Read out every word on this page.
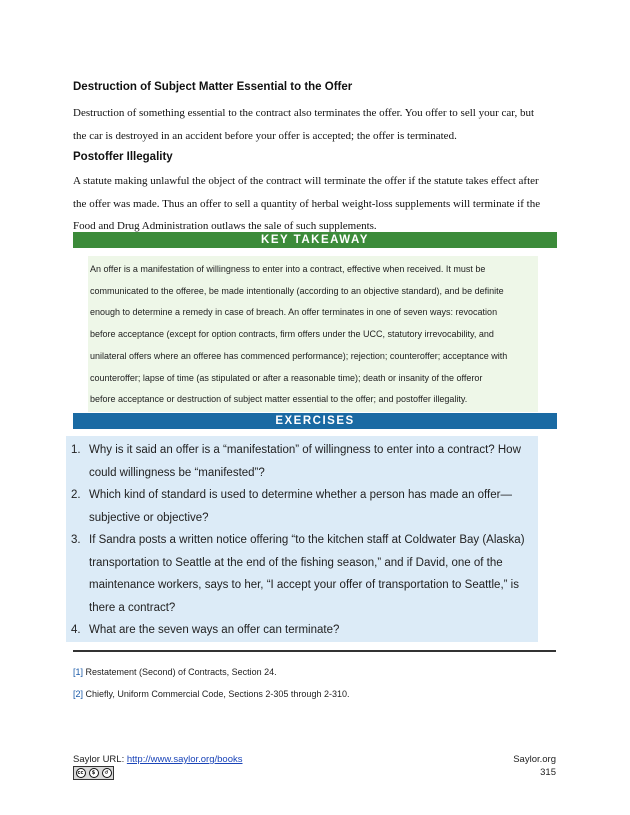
Destruction of Subject Matter Essential to the Offer
Destruction of something essential to the contract also terminates the offer. You offer to sell your car, but
the car is destroyed in an accident before your offer is accepted; the offer is terminated.
Postoffer Illegality
A statute making unlawful the object of the contract will terminate the offer if the statute takes effect after
the offer was made. Thus an offer to sell a quantity of herbal weight-loss supplements will terminate if the
Food and Drug Administration outlaws the sale of such supplements.
KEY TAKEAWAY
An offer is a manifestation of willingness to enter into a contract, effective when received. It must be
communicated to the offeree, be made intentionally (according to an objective standard), and be definite
enough to determine a remedy in case of breach. An offer terminates in one of seven ways: revocation
before acceptance (except for option contracts, firm offers under the UCC, statutory irrevocability, and
unilateral offers where an offeree has commenced performance); rejection; counteroffer; acceptance with
counteroffer; lapse of time (as stipulated or after a reasonable time); death or insanity of the offeror
before acceptance or destruction of subject matter essential to the offer; and postoffer illegality.
EXERCISES
1. Why is it said an offer is a “manifestation” of willingness to enter into a contract? How
could willingness be “manifested”?
2. Which kind of standard is used to determine whether a person has made an offer—
subjective or objective?
3. If Sandra posts a written notice offering “to the kitchen staff at Coldwater Bay (Alaska)
transportation to Seattle at the end of the fishing season,” and if David, one of the
maintenance workers, says to her, “I accept your offer of transportation to Seattle,” is
there a contract?
4. What are the seven ways an offer can terminate?
[1] Restatement (Second) of Contracts, Section 24.
[2] Chiefly, Uniform Commercial Code, Sections 2-305 through 2-310.
Saylor URL: http://www.saylor.org/books	Saylor.org
315
cc	$	↺
